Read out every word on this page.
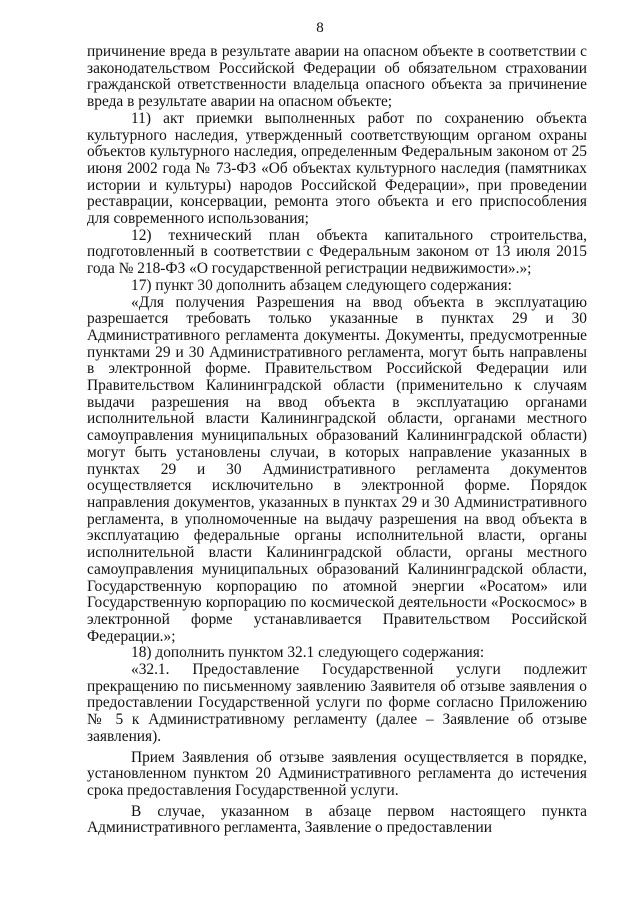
8

причинение вреда в результате аварии на опасном объекте в соответствии с законодательством Российской Федерации об обязательном страховании гражданской ответственности владельца опасного объекта за причинение вреда в результате аварии на опасном объекте;

11) акт приемки выполненных работ по сохранению объекта культурного наследия, утвержденный соответствующим органом охраны объектов культурного наследия, определенным Федеральным законом от 25 июня 2002 года № 73-ФЗ «Об объектах культурного наследия (памятниках истории и культуры) народов Российской Федерации», при проведении реставрации, консервации, ремонта этого объекта и его приспособления для современного использования;

12) технический план объекта капитального строительства, подготовленный в соответствии с Федеральным законом от 13 июля 2015 года № 218-ФЗ «О государственной регистрации недвижимости».»;

17) пункт 30 дополнить абзацем следующего содержания:

«Для получения Разрешения на ввод объекта в эксплуатацию разрешается требовать только указанные в пунктах 29 и 30 Административного регламента документы. Документы, предусмотренные пунктами 29 и 30 Административного регламента, могут быть направлены в электронной форме. Правительством Российской Федерации или Правительством Калининградской области (применительно к случаям выдачи разрешения на ввод объекта в эксплуатацию органами исполнительной власти Калининградской области, органами местного самоуправления муниципальных образований Калининградской области) могут быть установлены случаи, в которых направление указанных в пунктах 29 и 30 Административного регламента документов осуществляется исключительно в электронной форме. Порядок направления документов, указанных в пунктах 29 и 30 Административного регламента, в уполномоченные на выдачу разрешения на ввод объекта в эксплуатацию федеральные органы исполнительной власти, органы исполнительной власти Калининградской области, органы местного самоуправления муниципальных образований Калининградской области, Государственную корпорацию по атомной энергии «Росатом» или Государственную корпорацию по космической деятельности «Роскосмос» в электронной форме устанавливается Правительством Российской Федерации.»;

18) дополнить пунктом 32.1 следующего содержания:

«32.1. Предоставление Государственной услуги подлежит прекращению по письменному заявлению Заявителя об отзыве заявления о предоставлении Государственной услуги по форме согласно Приложению № 5 к Административному регламенту (далее – Заявление об отзыве заявления).

Прием Заявления об отзыве заявления осуществляется в порядке, установленном пунктом 20 Административного регламента до истечения срока предоставления Государственной услуги.

В случае, указанном в абзаце первом настоящего пункта Административного регламента, Заявление о предоставлении
